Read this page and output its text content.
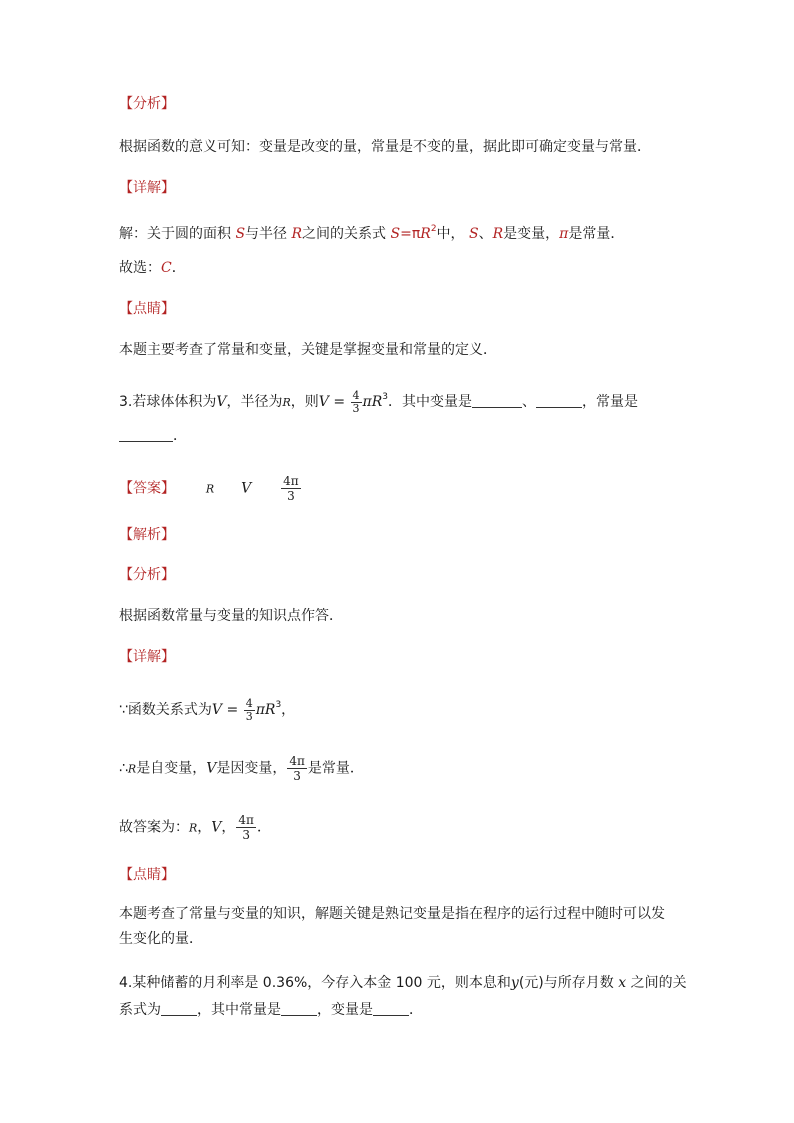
【分析】
根据函数的意义可知：变量是改变的量，常量是不变的量，据此即可确定变量与常量．
【详解】
解：关于圆的面积 S与半径 R之间的关系式 $S=\pi R^2$中， S、R是变量，π是常量．
故选：C．
【点睛】
本题主要考查了常量和变量，关键是掌握变量和常量的定义．
3.若球体体积为V，半径为R，则$V = \frac{4}{3} \pi R^3$．其中变量是	、	，常量是
．
【答案】	R V $\frac{4\pi}{3}$
【解析】
【分析】
根据函数常量与变量的知识点作答．
【详解】
∵函数关系式为$V = \frac{4}{3} \pi R^3$，
∴R是自变量，V是因变量， $\frac{4\pi}{3}$ 是常量．
故答案为：R，V， $\frac{4\pi}{3}$ ．
【点睛】
本题考查了常量与变量的知识，解题关键是熟记变量是指在程序的运行过程中随时可以发
生变化的量．
4.某种储蓄的月利率是 0.36%，今存入本金 100 元，则本息和y(元)与所存月数 x 之间的关
系式为	，其中常量是	，变量是	．
